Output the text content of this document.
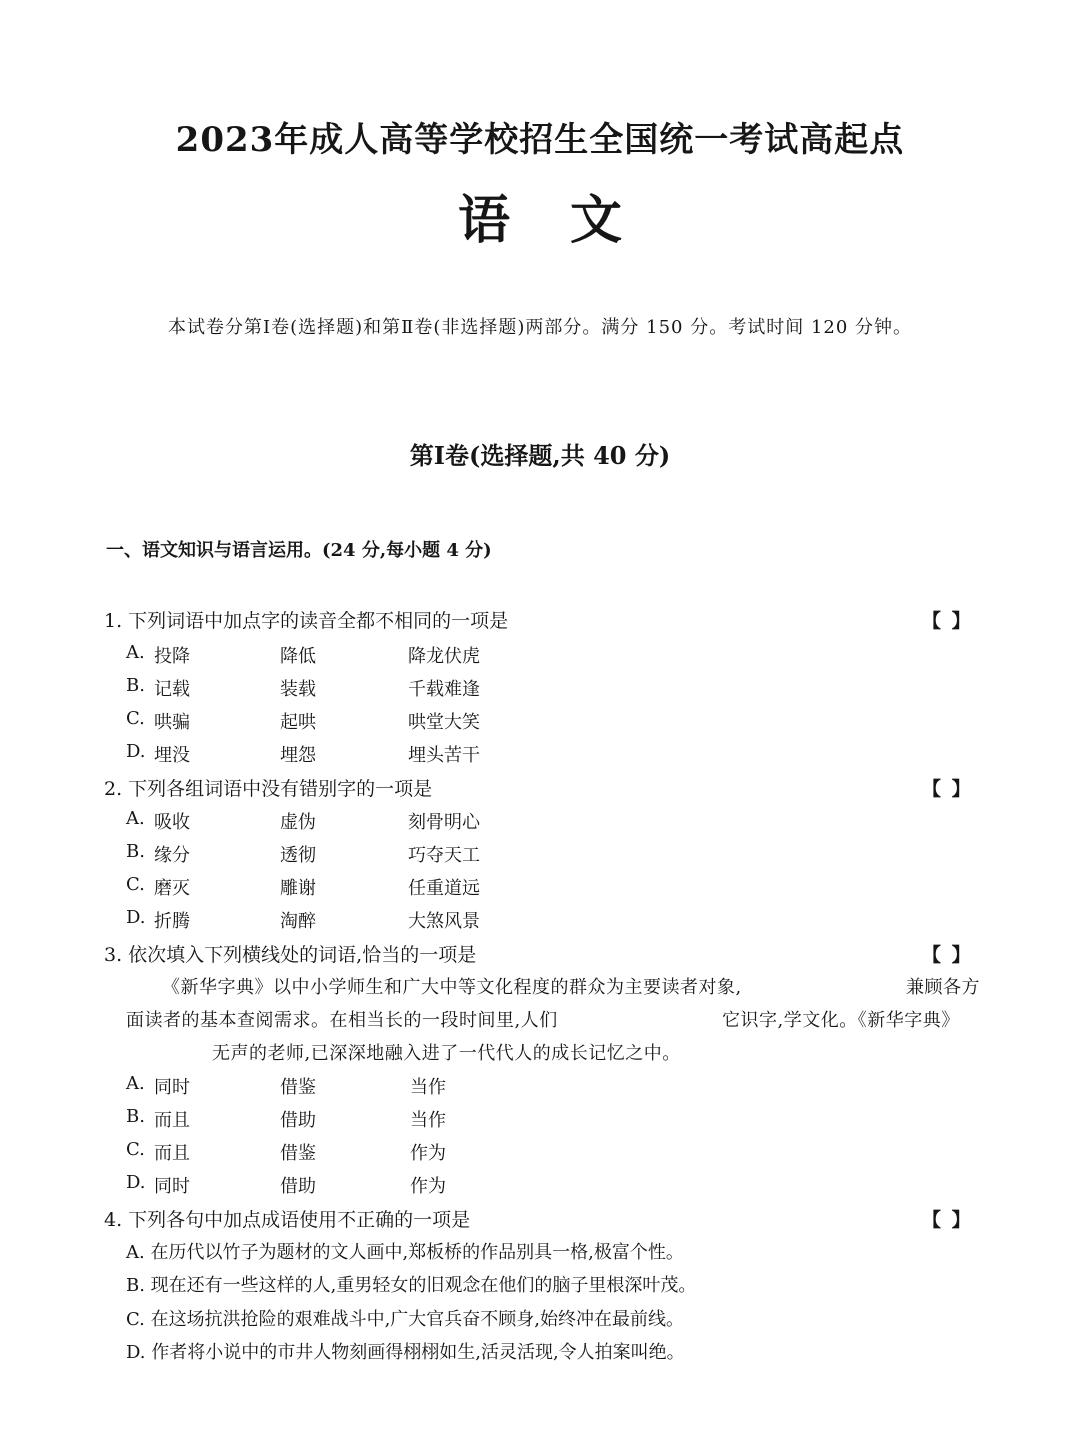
2023年成人高等学校招生全国统一考试高起点
语文
本试卷分第Ⅰ卷(选择题)和第Ⅱ卷(非选择题)两部分。满分 150 分。考试时间 120 分钟。
第Ⅰ卷(选择题,共 40 分)
一、语文知识与语言运用。(24 分,每小题 4 分)
1. 下列词语中加点字的读音全都不相同的一项是	【 】
A. 投降	降低	降龙伏虎
B. 记载	装载	千载难逢
C. 哄骗	起哄	哄堂大笑
D. 埋没	埋怨	埋头苦干
2. 下列各组词语中没有错别字的一项是	【 】
A. 吸收	虚伪	刻骨明心
B. 缘分	透彻	巧夺天工
C. 磨灭	雕谢	任重道远
D. 折腾	淘醉	大煞风景
3. 依次填入下列横线处的词语,恰当的一项是	【 】
《新华字典》以中小学师生和广大中等文化程度的群众为主要读者对象,	兼顾各方
面读者的基本查阅需求。在相当长的一段时间里,人们	它识字,学文化。《新华字典》
无声的老师,已深深地融入进了一代代人的成长记忆之中。
A. 同时	借鉴	当作
B. 而且	借助	当作
C. 而且	借鉴	作为
D. 同时	借助	作为
4. 下列各句中加点成语使用不正确的一项是	【 】
A. 在历代以竹子为题材的文人画中,郑板桥的作品别具一格,极富个性。
B. 现在还有一些这样的人,重男轻女的旧观念在他们的脑子里根深叶茂。
C. 在这场抗洪抢险的艰难战斗中,广大官兵奋不顾身,始终冲在最前线。
D. 作者将小说中的市井人物刻画得栩栩如生,活灵活现,令人拍案叫绝。
